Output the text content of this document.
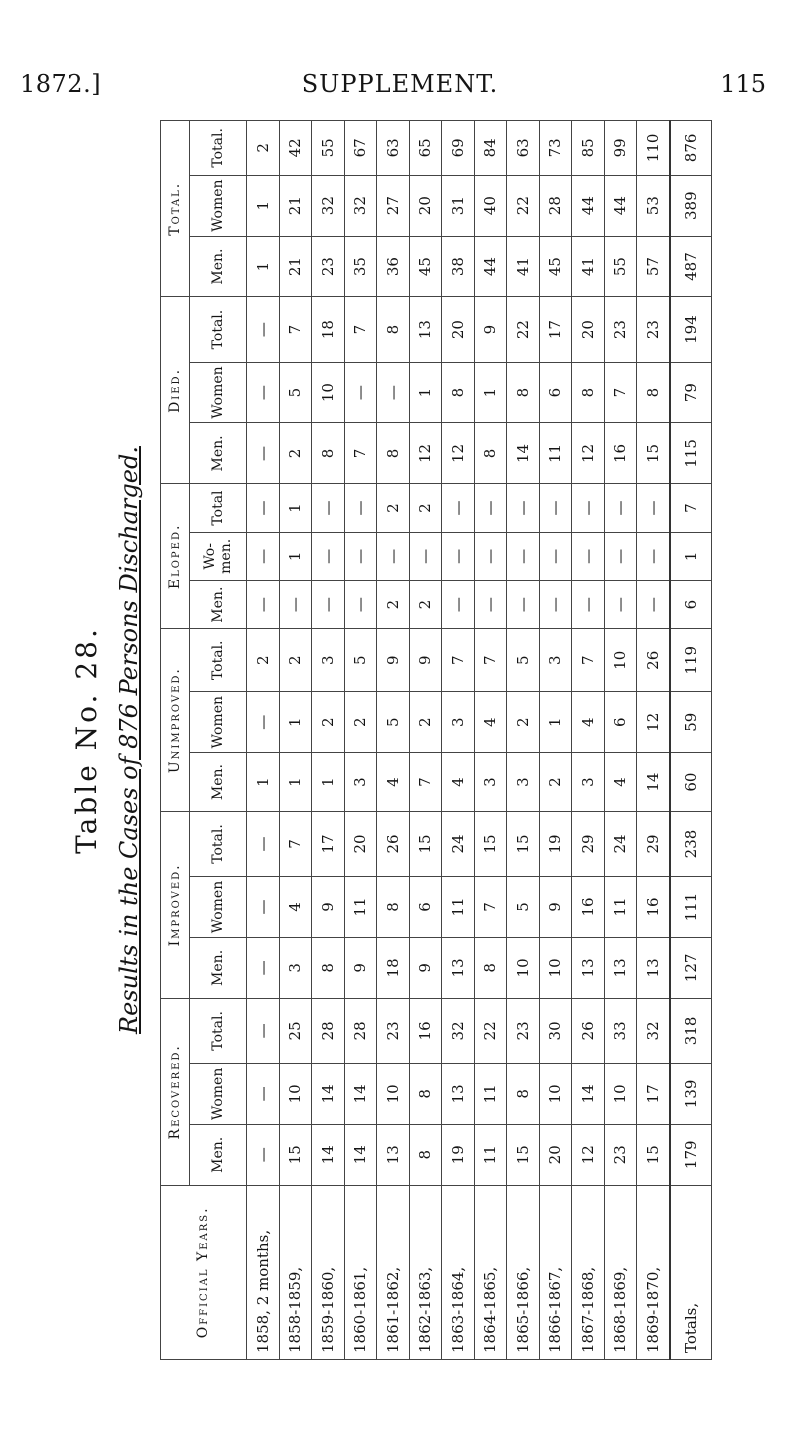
1872.]	SUPPLEMENT.	115
Table No. 28. Results in the Cases of 876 Persons Discharged.
Official Years.	Recovered.			Improved.			Unimproved.			Eloped.			Died.			Total.		
	Men.	Women	Total.	Men.	Women	Total.	Men.	Women	Total.	Men.	Wo-men.	Total	Men.	Women	Total.	Men.	Women	Total.
1858, 2 months,	—	—	—	—	—	—	1	—	2	—	—	—	—	—	—	1	1	2
1858-1859,	15	10	25	3	4	7	1	1	2	—	1	1	2	5	7	21	21	42
1859-1860,	14	14	28	8	9	17	1	2	3	—	—	—	8	10	18	23	32	55
1860-1861,	14	14	28	9	11	20	3	2	5	—	—	—	7	—	7	35	32	67
1861-1862,	13	10	23	18	8	26	4	5	9	2	—	2	8	—	8	36	27	63
1862-1863,	8	8	16	9	6	15	7	2	9	2	—	2	12	1	13	45	20	65
1863-1864,	19	13	32	13	11	24	4	3	7	—	—	—	12	8	20	38	31	69
1864-1865,	11	11	22	8	7	15	3	4	7	—	—	—	8	1	9	44	40	84
1865-1866,	15	8	23	10	5	15	3	2	5	—	—	—	14	8	22	41	22	63
1866-1867,	20	10	30	10	9	19	2	1	3	—	—	—	11	6	17	45	28	73
1867-1868,	12	14	26	13	16	29	3	4	7	—	—	—	12	8	20	41	44	85
1868-1869,	23	10	33	13	11	24	4	6	10	—	—	—	16	7	23	55	44	99
1869-1870,	15	17	32	13	16	29	14	12	26	—	—	—	15	8	23	57	53	110
Totals,	179	139	318	127	111	238	60	59	119	6	1	7	115	79	194	487	389	876
